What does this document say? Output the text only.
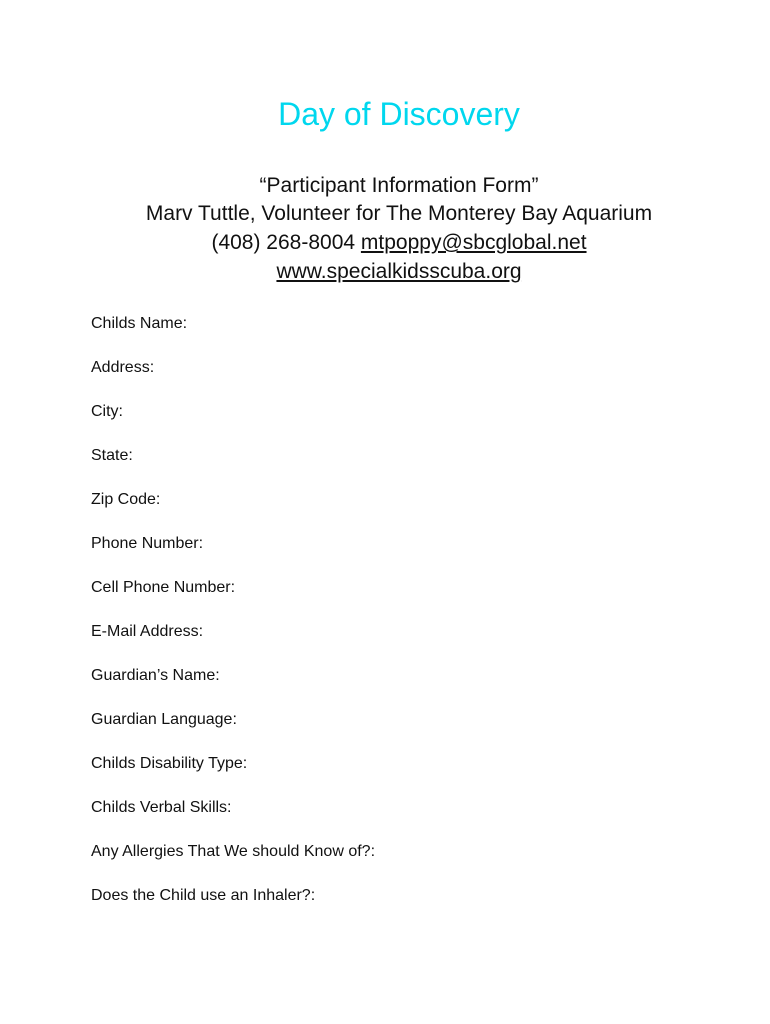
Day of Discovery
“Participant Information Form”
Marv Tuttle, Volunteer for The Monterey Bay Aquarium
(408) 268-8004 mtpoppy@sbcglobal.net
www.specialkidsscuba.org
Childs Name:
Address:
City:
State:
Zip Code:
Phone Number:
Cell Phone Number:
E-Mail Address:
Guardian’s Name:
Guardian Language:
Childs Disability Type:
Childs Verbal Skills:
Any Allergies That We should Know of?:
Does the Child use an Inhaler?:
